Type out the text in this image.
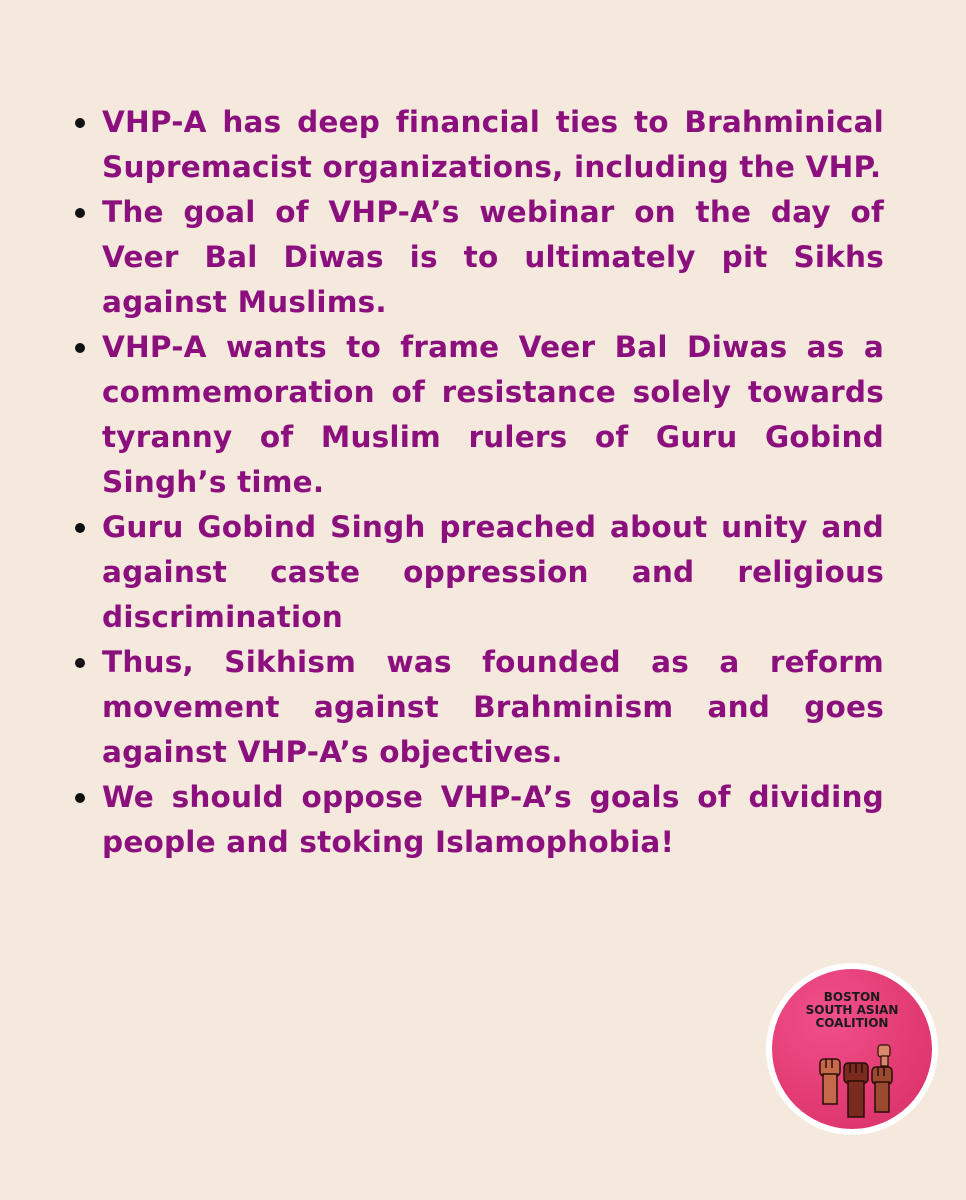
VHP-A has deep financial ties to Brahminical Supremacist organizations, including the VHP.
The goal of VHP-A’s webinar on the day of Veer Bal Diwas is to ultimately pit Sikhs against Muslims.
VHP-A wants to frame Veer Bal Diwas as a commemoration of resistance solely towards tyranny of Muslim rulers of Guru Gobind Singh’s time.
Guru Gobind Singh preached about unity and against caste oppression and religious discrimination
Thus, Sikhism was founded as a reform movement against Brahminism and goes against VHP-A’s objectives.
We should oppose VHP-A’s goals of dividing people and stoking Islamophobia!
BOSTON
SOUTH ASIAN
COALITION
